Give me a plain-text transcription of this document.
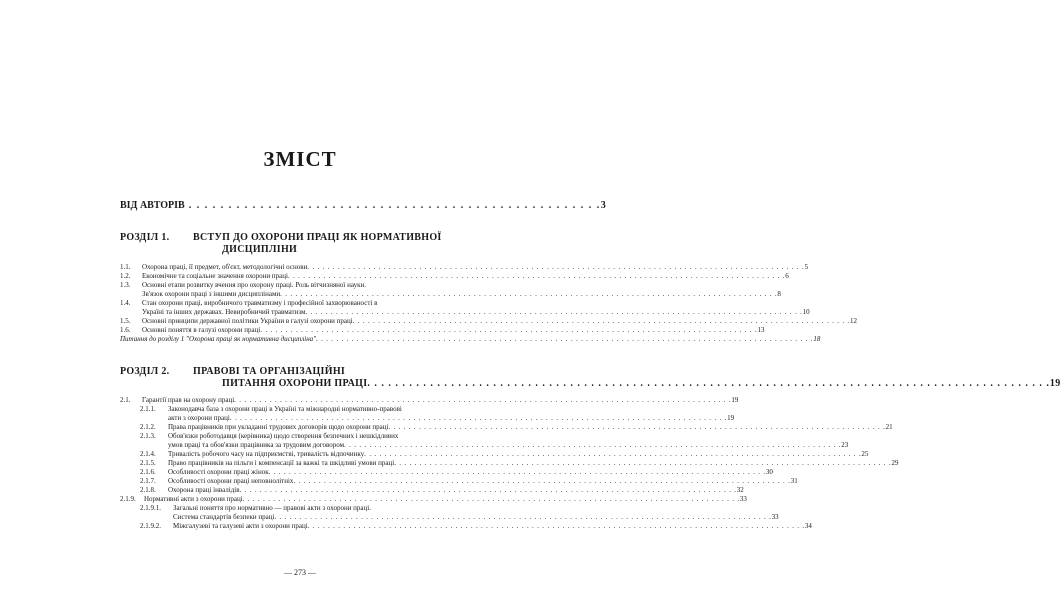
ЗМІСТ
ВІД АВТОРІВ . . . . . . . . . . . . . . . . . . . . . . . . . . . . . . . . . . . . . . . . . . . . . . . . . . . . 3
РОЗДІЛ 1. ВСТУП ДО ОХОРОНИ ПРАЦІ ЯК НОРМАТИВНОЇ
ДИСЦИПЛІНИ
1.1.	Охорона праці, її предмет, об'єкт, методологічні основи . . .	5
1.2.	Економічне та соціальне значення охорони праці . . .	6
1.3.	Основні етапи розвитку вчення про охорону праці. Роль вітчизняної науки.
Зв'язок охорони праці з іншими дисциплінами . . .	8
1.4.	Стан охорони праці, виробничого травматизму і професійної захворюваності в
Україні та інших державах. Невиробничий травматизм . . .	10
1.5.	Основні принципи державної політики України в галузі охорони праці . . .	12
1.6.	Основні поняття в галузі охорони праці . . .	13
Питання до розділу 1 "Охорона праці як нормативна дисципліна" . . .	18
РОЗДІЛ 2. ПРАВОВІ ТА ОРГАНІЗАЦІЙНІ
ПИТАННЯ ОХОРОНИ ПРАЦІ . . .	19
2.1.	Гарантії прав на охорону праці . . .	19
2.1.1.	Законодавча база з охорони праці в Україні та міжнародні нормативно-правові
акти з охорони праці . . .	19
2.1.2.	Права працівників при укладанні трудових договорів щодо охорони праці . . .	21
2.1.3.	Обов'язки роботодавця (керівника) щодо створення безпечних і нешкідливих
умов праці та обов'язки працівника за трудовим договором . . .	23
2.1.4.	Тривалість робочого часу на підприємстві, тривалість відпочинку . . .	25
2.1.5.	Право працівників на пільги і компенсації за важкі та шкідливі умови праці . . .	29
2.1.6.	Особливості охорони праці жінок . . .	30
2.1.7.	Особливості охорони праці неповнолітніх . . .	31
2.1.8.	Охорона праці інвалідів . . .	32
2.1.9.	Нормативні акти з охорони праці . . .	33
2.1.9.1.	Загальні поняття про нормативно — правові акти з охорони праці.
Система стандартів безпеки праці . . .	33
2.1.9.2.	Міжгалузеві та галузеві акти з охорони праці . . .	34
— 273 —
